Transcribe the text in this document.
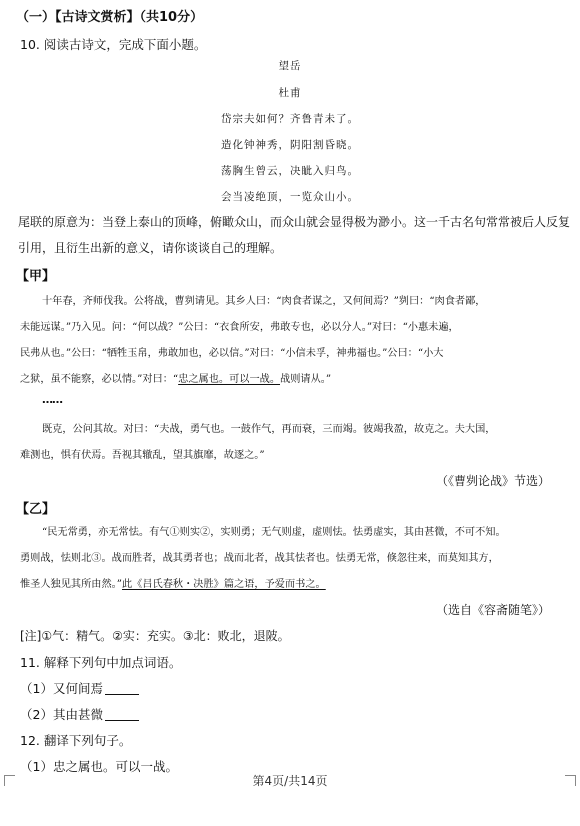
（一）【古诗文赏析】（共10分）
10. 阅读古诗文，完成下面小题。
望岳
杜甫
岱宗夫如何？齐鲁青未了。
造化钟神秀，阴阳割昏晓。
荡胸生曾云，决眦入归鸟。
会当凌绝顶，一览众山小。
尾联的原意为：当登上泰山的顶峰，俯瞰众山，而众山就会显得极为渺小。这一千古名句常常被后人反复
引用，且衍生出新的意义，请你谈谈自己的理解。
【甲】
十年春，齐师伐我。公将战，曹刿请见。其乡人曰：“肉食者谋之，又何间焉？”刿曰：“肉食者鄙，
未能远谋。”乃入见。问：“何以战？”公曰：“衣食所安，弗敢专也，必以分人。”对曰：“小惠未遍，
民弗从也。”公曰：“牺牲玉帛，弗敢加也，必以信。”对曰：“小信未孚，神弗福也。”公曰：“小大
之狱，虽不能察，必以情。”对曰：“忠之属也。可以一战。战则请从。”
……
既克，公问其故。对曰：“夫战，勇气也。一鼓作气，再而衰，三而竭。彼竭我盈，故克之。夫大国，
难测也，惧有伏焉。吾视其辙乱，望其旗靡，故逐之。”
（《曹刿论战》节选）
【乙】
“民无常勇，亦无常怯。有气①则实②，实则勇；无气则虚，虚则怯。怯勇虚实，其由甚微，不可不知。
勇则战，怯则北③。战而胜者，战其勇者也；战而北者，战其怯者也。怯勇无常，倏忽往来，而莫知其方，
惟圣人独见其所由然。”此《吕氏春秋・决胜》篇之语，予爱而书之。
（选自《容斋随笔》）
[注]①气：精气。②实：充实。③北：败北，退陂。
11. 解释下列句中加点词语。
（1）又何间焉
（2）其由甚微
12. 翻译下列句子。
（1）忠之属也。可以一战。
第4页/共14页
